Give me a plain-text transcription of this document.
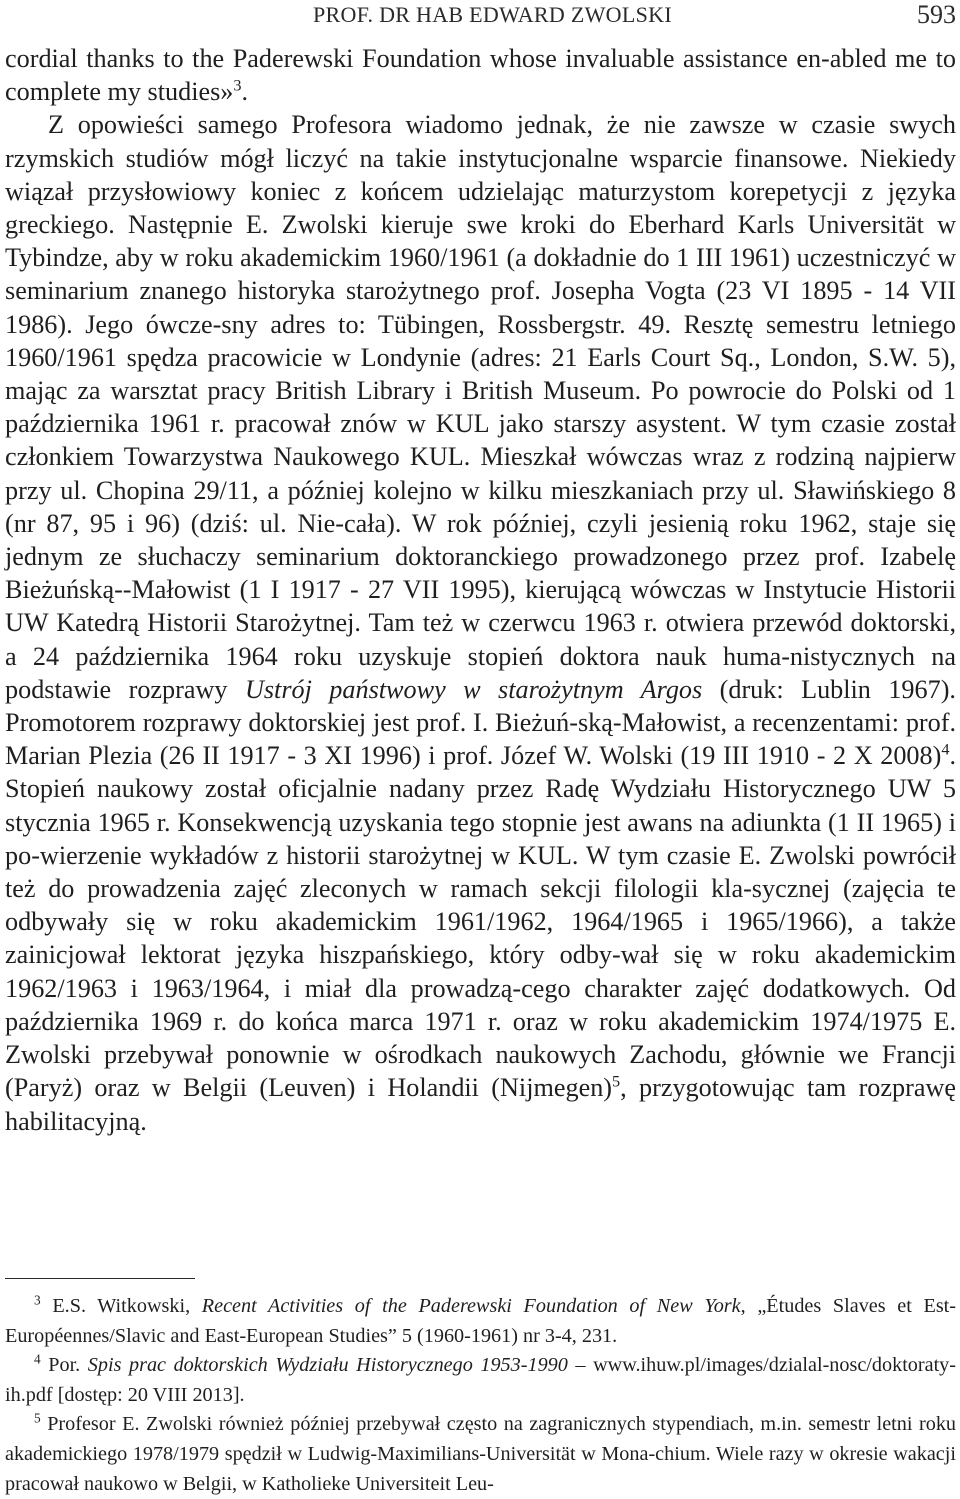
PROF. DR HAB EDWARD ZWOLSKI	593

cordial thanks to the Paderewski Foundation whose invaluable assistance en-abled me to complete my studies»$^3$.

Z opowieści samego Profesora wiadomo jednak, że nie zawsze w czasie swych rzymskich studiów mógł liczyć na takie instytucjonalne wsparcie finansowe. Niekiedy wiązał przysłowiowy koniec z końcem udzielając maturzystom korepetycji z języka greckiego. Następnie E. Zwolski kieruje swe kroki do Eberhard Karls Universität w Tybindze, aby w roku akademickim 1960/1961 (a dokładnie do 1 III 1961) uczestniczyć w seminarium znanego historyka starożytnego prof. Josepha Vogta (23 VI 1895 - 14 VII 1986). Jego ówcze-sny adres to: Tübingen, Rossbergstr. 49. Resztę semestru letniego 1960/1961 spędza pracowicie w Londynie (adres: 21 Earls Court Sq., London, S.W. 5), mając za warsztat pracy British Library i British Museum. Po powrocie do Polski od 1 października 1961 r. pracował znów w KUL jako starszy asystent. W tym czasie został członkiem Towarzystwa Naukowego KUL. Mieszkał wówczas wraz z rodziną najpierw przy ul. Chopina 29/11, a później kolejno w kilku mieszkaniach przy ul. Sławińskiego 8 (nr 87, 95 i 96) (dziś: ul. Nie-cała). W rok później, czyli jesienią roku 1962, staje się jednym ze słuchaczy seminarium doktoranckiego prowadzonego przez prof. Izabelę Bieżuńską--Małowist (1 I 1917 - 27 VII 1995), kierującą wówczas w Instytucie Historii UW Katedrą Historii Starożytnej. Tam też w czerwcu 1963 r. otwiera przewód doktorski, a 24 października 1964 roku uzyskuje stopień doktora nauk huma-nistycznych na podstawie rozprawy Ustrój państwowy w starożytnym Argos (druk: Lublin 1967). Promotorem rozprawy doktorskiej jest prof. I. Bieżuń-ską-Małowist, a recenzentami: prof. Marian Plezia (26 II 1917 - 3 XI 1996) i prof. Józef W. Wolski (19 III 1910 - 2 X 2008)$^4$. Stopień naukowy został oficjalnie nadany przez Radę Wydziału Historycznego UW 5 stycznia 1965 r. Konsekwencją uzyskania tego stopnie jest awans na adiunkta (1 II 1965) i po-wierzenie wykładów z historii starożytnej w KUL. W tym czasie E. Zwolski powrócił też do prowadzenia zajęć zleconych w ramach sekcji filologii kla-sycznej (zajęcia te odbywały się w roku akademickim 1961/1962, 1964/1965 i 1965/1966), a także zainicjował lektorat języka hiszpańskiego, który odby-wał się w roku akademickim 1962/1963 i 1963/1964, i miał dla prowadzą-cego charakter zajęć dodatkowych. Od października 1969 r. do końca marca 1971 r. oraz w roku akademickim 1974/1975 E. Zwolski przebywał ponownie w ośrodkach naukowych Zachodu, głównie we Francji (Paryż) oraz w Belgii (Leuven) i Holandii (Nijmegen)$^5$, przygotowując tam rozprawę habilitacyjną.

$^3$ E.S. Witkowski, Recent Activities of the Paderewski Foundation of New York, „Études Slaves et Est-Européennes/Slavic and East-European Studies” 5 (1960-1961) nr 3-4, 231.

$^4$ Por. Spis prac doktorskich Wydziału Historycznego 1953-1990 – www.ihuw.pl/images/dzialal-nosc/doktoraty-ih.pdf [dostęp: 20 VIII 2013].

$^5$ Profesor E. Zwolski również później przebywał często na zagranicznych stypendiach, m.in. semestr letni roku akademickiego 1978/1979 spędził w Ludwig-Maximilians-Universität w Mona-chium. Wiele razy w okresie wakacji pracował naukowo w Belgii, w Katholieke Universiteit Leu-
